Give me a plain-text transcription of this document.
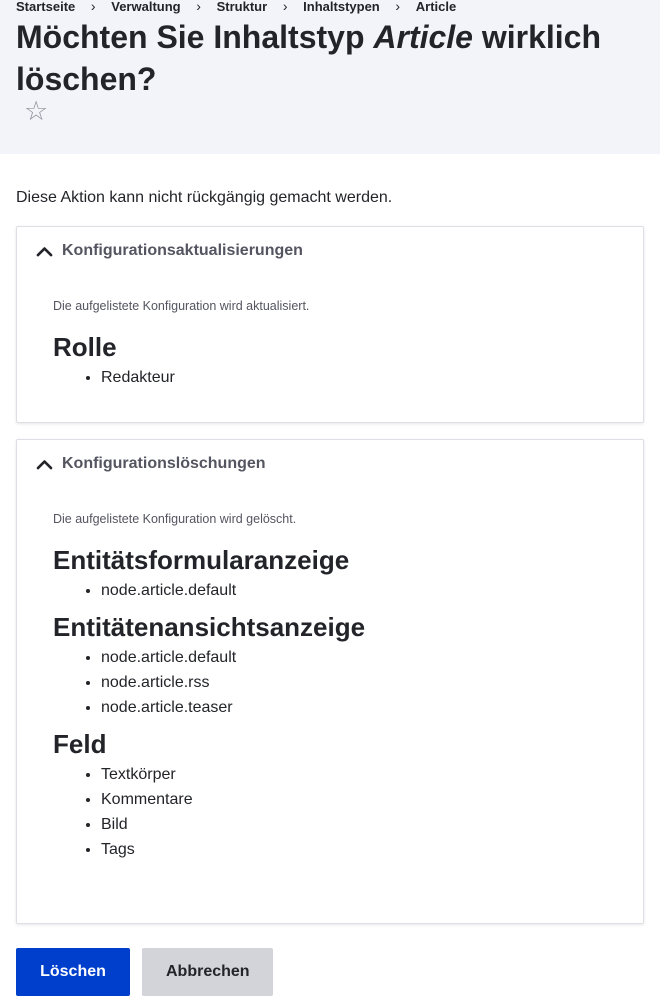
Startseite	›	Verwaltung	›	Struktur	›	Inhaltstypen	›	Article
Möchten Sie Inhaltstyp Article wirklich löschen?
☆

Diese Aktion kann nicht rückgängig gemacht werden.

Konfigurationsaktualisierungen

Die aufgelistete Konfiguration wird aktualisiert.

Rolle
• Redakteur
Konfigurationslöschungen

Die aufgelistete Konfiguration wird gelöscht.

Entitätsformularanzeige
• node.article.default
Entitätenansichtsanzeige
• node.article.default
• node.article.rss
• node.article.teaser
Feld
• Textkörper
• Kommentare
• Bild
• Tags
Löschen	Abbrechen
